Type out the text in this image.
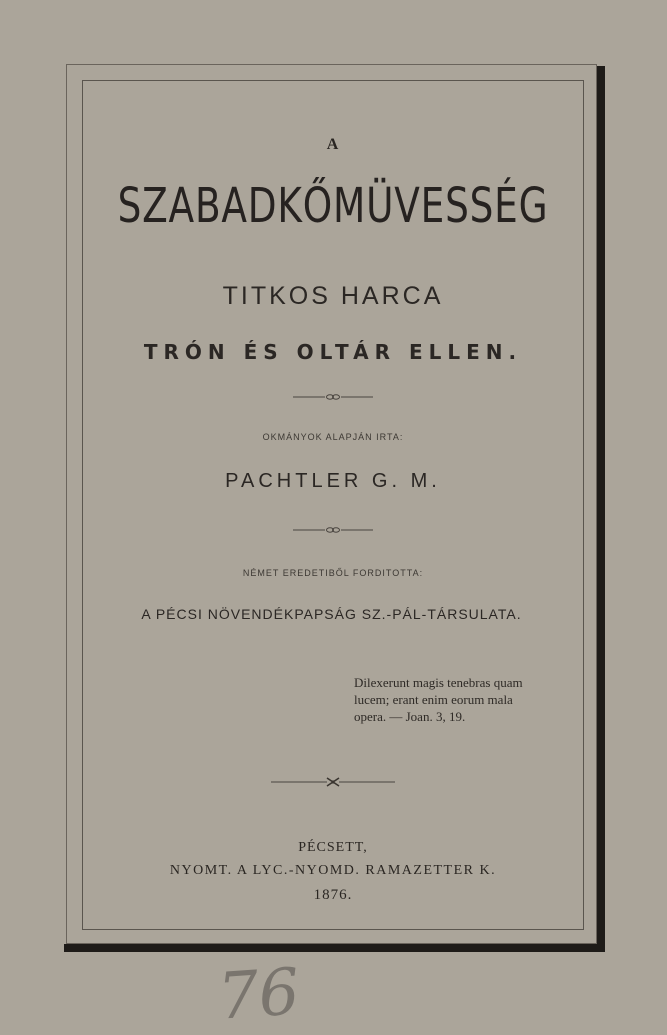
A
SZABADKŐMÜVESSÉG
TITKOS HARCA
TRÓN ÉS OLTÁR ELLEN.
OKMÁNYOK ALAPJÁN IRTA:
PACHTLER G. M.
NÉMET EREDETIBŐL FORDITOTTA:
A PÉCSI NÖVENDÉKPAPSÁG SZ.-PÁL-TÁRSULATA.
Dilexerunt magis tenebras quam
lucem; erant enim eorum mala
opera. — Joan. 3, 19.
PÉCSETT,
NYOMT. A LYC.-NYOMD. RAMAZETTER K.
1876.
76
